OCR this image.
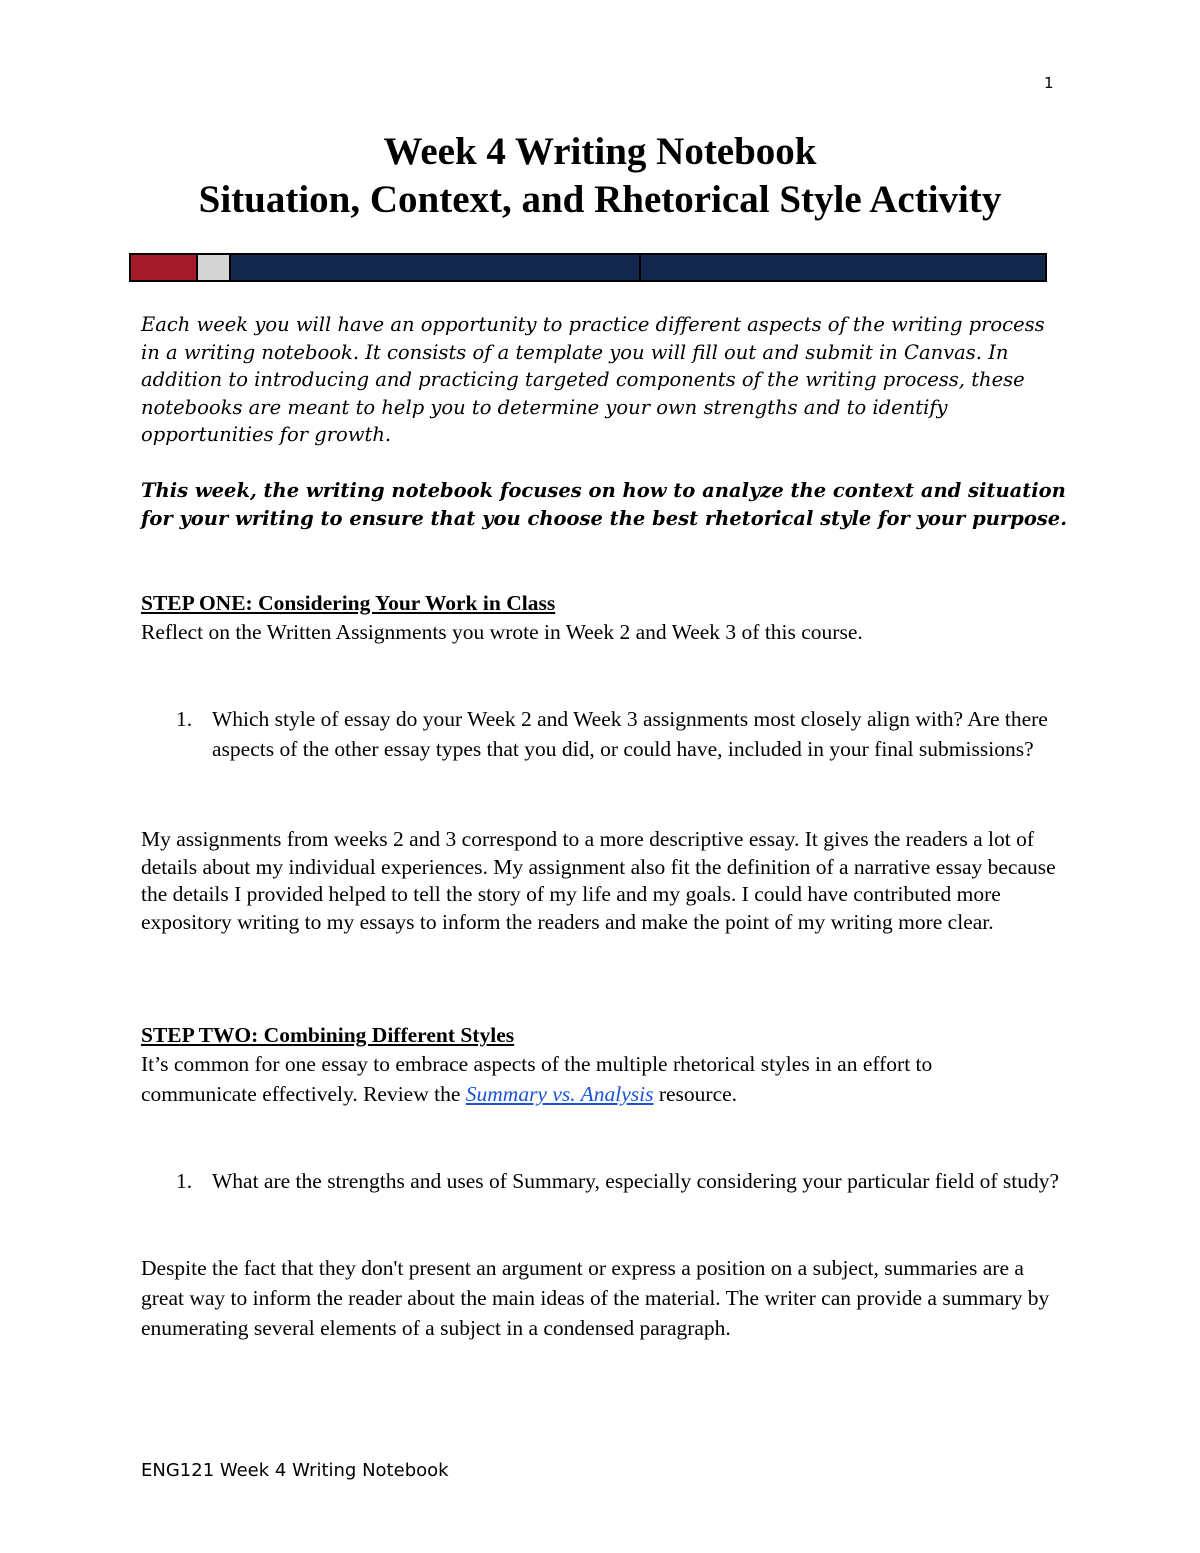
1
Week 4 Writing Notebook
Situation, Context, and Rhetorical Style Activity

Each week you will have an opportunity to practice different aspects of the writing process in a writing notebook. It consists of a template you will fill out and submit in Canvas. In addition to introducing and practicing targeted components of the writing process, these notebooks are meant to help you to determine your own strengths and to identify opportunities for growth.

This week, the writing notebook focuses on how to analyze the context and situation for your writing to ensure that you choose the best rhetorical style for your purpose.

STEP ONE: Considering Your Work in Class
Reflect on the Written Assignments you wrote in Week 2 and Week 3 of this course.
1. Which style of essay do your Week 2 and Week 3 assignments most closely align with? Are there aspects of the other essay types that you did, or could have, included in your final submissions?
My assignments from weeks 2 and 3 correspond to a more descriptive essay. It gives the readers a lot of details about my individual experiences. My assignment also fit the definition of a narrative essay because the details I provided helped to tell the story of my life and my goals. I could have contributed more expository writing to my essays to inform the readers and make the point of my writing more clear.
STEP TWO: Combining Different Styles
It’s common for one essay to embrace aspects of the multiple rhetorical styles in an effort to communicate effectively. Review the Summary vs. Analysis resource.
1. What are the strengths and uses of Summary, especially considering your particular field of study?
Despite the fact that they don't present an argument or express a position on a subject, summaries are a great way to inform the reader about the main ideas of the material. The writer can provide a summary by enumerating several elements of a subject in a condensed paragraph.
ENG121 Week 4 Writing Notebook
